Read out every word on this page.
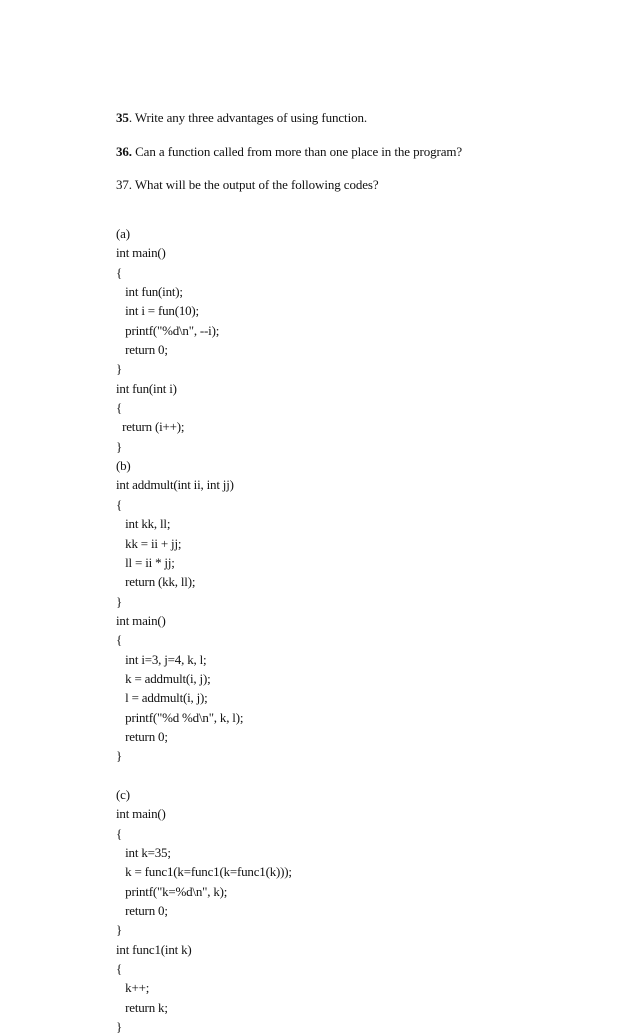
35. Write any three advantages of using function.
36. Can a function called from more than one place in the program?
37. What will be the output of the following codes?
(a)
int main()
{
int fun(int);
int i = fun(10);
printf("%d\n", --i);
return 0;
}
int fun(int i)
{
return (i++);
}
(b)
int addmult(int ii, int jj)
{
int kk, ll;
kk = ii + jj;
ll = ii * jj;
return (kk, ll);
}
int main()
{
int i=3, j=4, k, l;
k = addmult(i, j);
l = addmult(i, j);
printf("%d %d\n", k, l);
return 0;
}
(c)
int main()
{
int k=35;
k = func1(k=func1(k=func1(k)));
printf("k=%d\n", k);
return 0;
}
int func1(int k)
{
k++;
return k;
}
